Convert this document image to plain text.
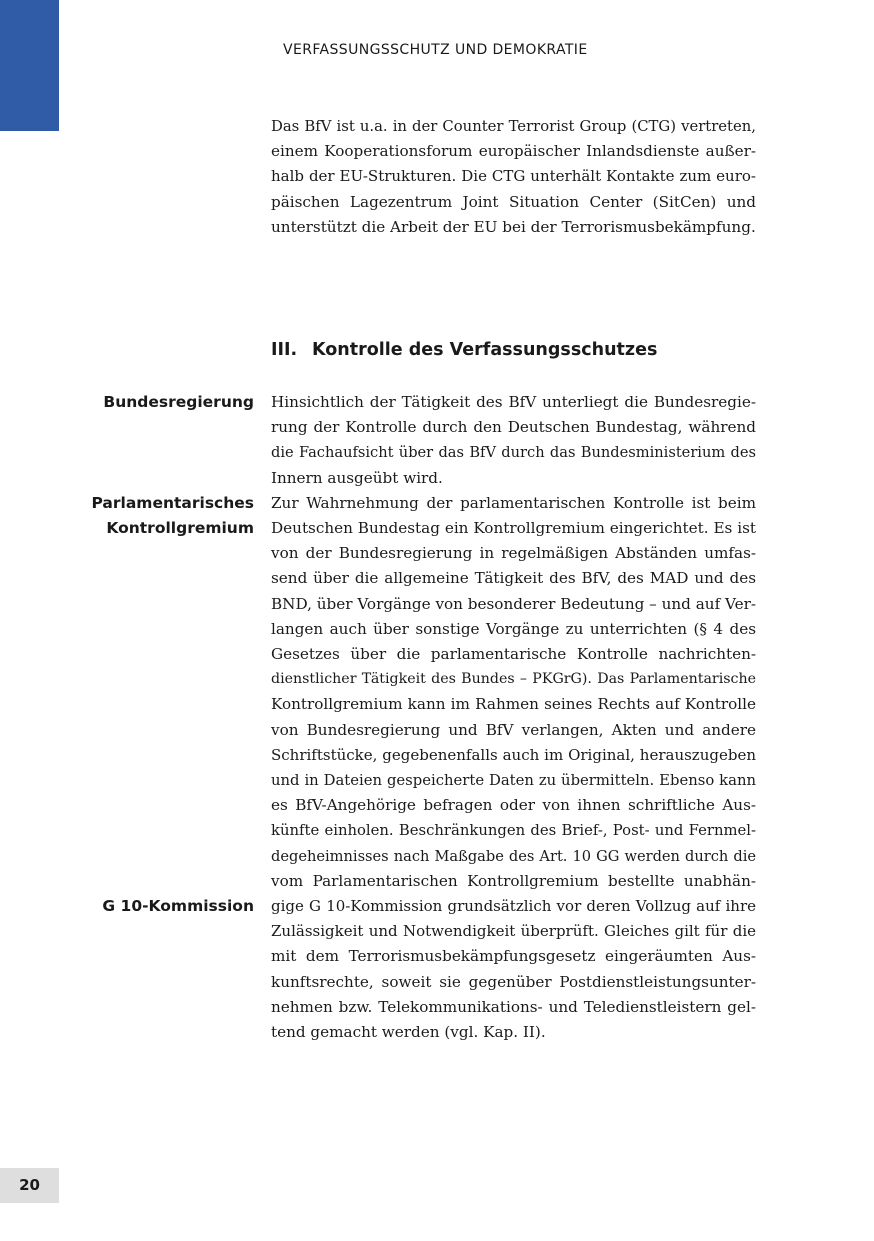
VERFASSUNGSSCHUTZ UND DEMOKRATIE
Das BfV ist u.a. in der Counter Terrorist Group (CTG) vertreten,
einem Kooperationsforum europäischer Inlandsdienste außer-
halb der EU-Strukturen. Die CTG unterhält Kontakte zum euro-
päischen Lagezentrum Joint Situation Center (SitCen) und
unterstützt die Arbeit der EU bei der Terrorismusbekämpfung.
III. Kontrolle des Verfassungsschutzes
Bundesregierung
Parlamentarisches
Kontrollgremium
G 10-Kommission
Hinsichtlich der Tätigkeit des BfV unterliegt die Bundesregie-
rung der Kontrolle durch den Deutschen Bundestag, während
die Fachaufsicht über das BfV durch das Bundesministerium des
Innern ausgeübt wird.
Zur Wahrnehmung der parlamentarischen Kontrolle ist beim
Deutschen Bundestag ein Kontrollgremium eingerichtet. Es ist
von der Bundesregierung in regelmäßigen Abständen umfas-
send über die allgemeine Tätigkeit des BfV, des MAD und des
BND, über Vorgänge von besonderer Bedeutung – und auf Ver-
langen auch über sonstige Vorgänge zu unterrichten (§ 4 des
Gesetzes über die parlamentarische Kontrolle nachrichten-
dienstlicher Tätigkeit des Bundes – PKGrG). Das Parlamentarische
Kontrollgremium kann im Rahmen seines Rechts auf Kontrolle
von Bundesregierung und BfV verlangen, Akten und andere
Schriftstücke, gegebenenfalls auch im Original, herauszugeben
und in Dateien gespeicherte Daten zu übermitteln. Ebenso kann
es BfV-Angehörige befragen oder von ihnen schriftliche Aus-
künfte einholen. Beschränkungen des Brief-, Post- und Fernmel-
degeheimnisses nach Maßgabe des Art. 10 GG werden durch die
vom Parlamentarischen Kontrollgremium bestellte unabhän-
gige G 10-Kommission grundsätzlich vor deren Vollzug auf ihre
Zulässigkeit und Notwendigkeit überprüft. Gleiches gilt für die
mit dem Terrorismusbekämpfungsgesetz eingeräumten Aus-
kunftsrechte, soweit sie gegenüber Postdienstleistungsunter-
nehmen bzw. Telekommunikations- und Teledienstleistern gel-
tend gemacht werden (vgl. Kap. II).
20
